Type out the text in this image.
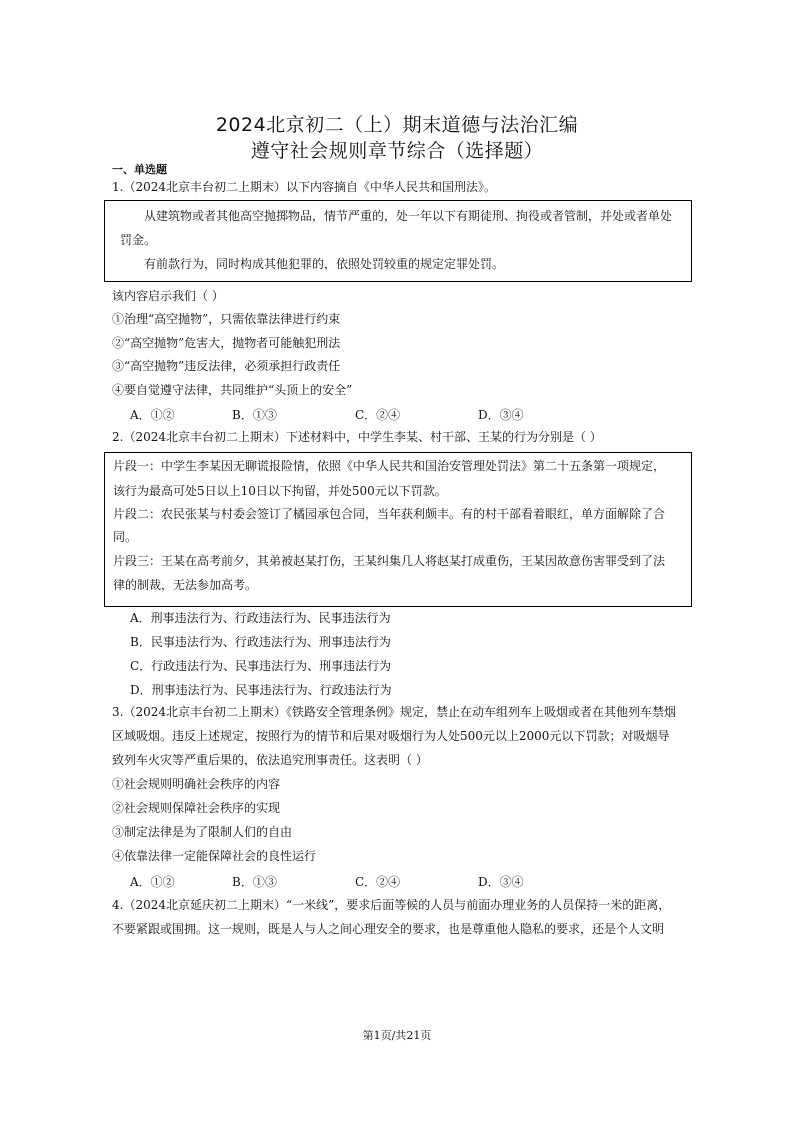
2024北京初二（上）期末道德与法治汇编
遵守社会规则章节综合（选择题）
一、单选题
1.（2024北京丰台初二上期末）以下内容摘自《中华人民共和国刑法》。
从建筑物或者其他高空抛掷物品，情节严重的，处一年以下有期徒刑、拘役或者管制，并处或者单处
罚金。
有前款行为，同时构成其他犯罪的，依照处罚较重的规定定罪处罚。
该内容启示我们（ ）
①治理“高空抛物”，只需依靠法律进行约束
②“高空抛物”危害大，抛物者可能触犯刑法
③“高空抛物”违反法律，必须承担行政责任
④要自觉遵守法律，共同维护“头顶上的安全”
A．①②	B．①③	C．②④	D．③④
2.（2024北京丰台初二上期末）下述材料中，中学生李某、村干部、王某的行为分别是（ ）
片段一：中学生李某因无聊谎报险情，依照《中华人民共和国治安管理处罚法》第二十五条第一项规定，
该行为最高可处5日以上10日以下拘留，并处500元以下罚款。
片段二：农民张某与村委会签订了橘园承包合同，当年获利颇丰。有的村干部看着眼红，单方面解除了合
同。
片段三：王某在高考前夕，其弟被赵某打伤，王某纠集几人将赵某打成重伤，王某因故意伤害罪受到了法
律的制裁，无法参加高考。
A．刑事违法行为、行政违法行为、民事违法行为
B．民事违法行为、行政违法行为、刑事违法行为
C．行政违法行为、民事违法行为、刑事违法行为
D．刑事违法行为、民事违法行为、行政违法行为
3.（2024北京丰台初二上期末）《铁路安全管理条例》规定，禁止在动车组列车上吸烟或者在其他列车禁烟
区域吸烟。违反上述规定，按照行为的情节和后果对吸烟行为人处500元以上2000元以下罚款；对吸烟导
致列车火灾等严重后果的，依法追究刑事责任。这表明（ ）
①社会规则明确社会秩序的内容
②社会规则保障社会秩序的实现
③制定法律是为了限制人们的自由
④依靠法律一定能保障社会的良性运行
A．①②	B．①③	C．②④	D．③④
4.（2024北京延庆初二上期末）“一米线”，要求后面等候的人员与前面办理业务的人员保持一米的距离，
不要紧跟或围拥。这一规则，既是人与人之间心理安全的要求，也是尊重他人隐私的要求，还是个人文明
第1页/共21页
